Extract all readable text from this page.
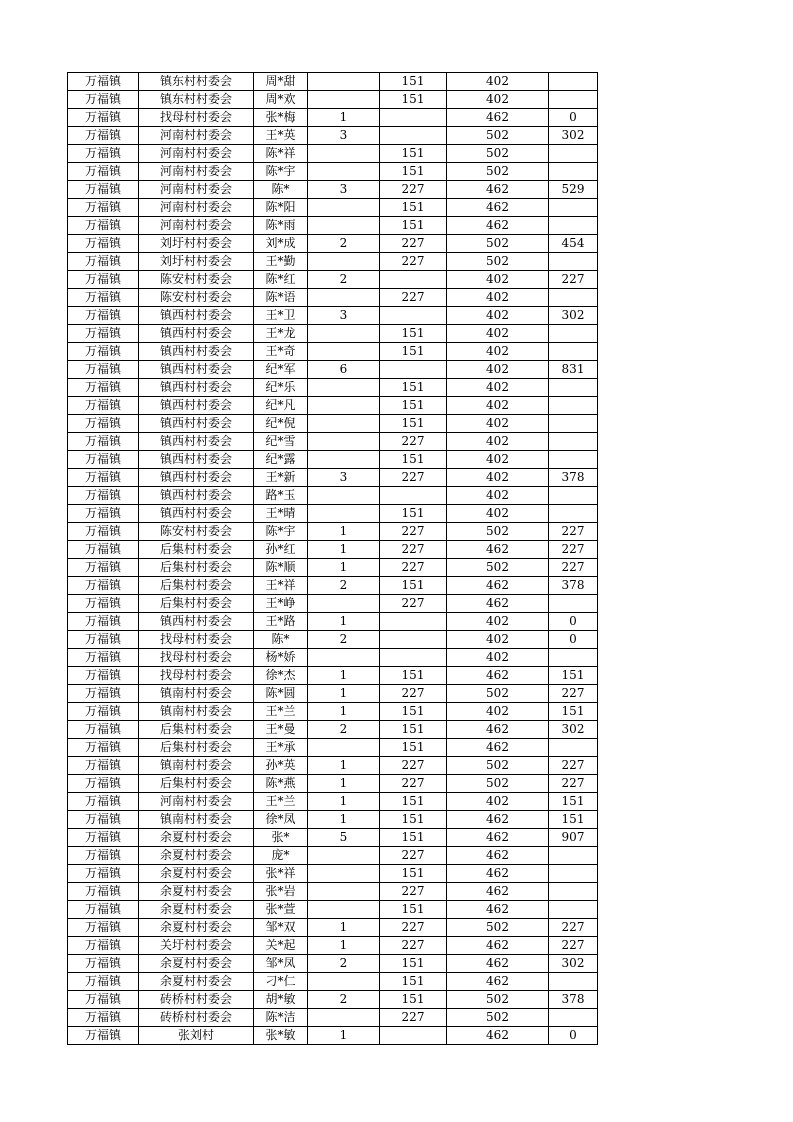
万福镇	镇东村村委会	周*甜		151	402	
万福镇	镇东村村委会	周*欢		151	402	
万福镇	找母村村委会	张*梅	1		462	0
万福镇	河南村村委会	王*英	3		502	302
万福镇	河南村村委会	陈*祥		151	502	
万福镇	河南村村委会	陈*宇		151	502	
万福镇	河南村村委会	陈*	3	227	462	529
万福镇	河南村村委会	陈*阳		151	462	
万福镇	河南村村委会	陈*雨		151	462	
万福镇	刘圩村村委会	刘*成	2	227	502	454
万福镇	刘圩村村委会	王*勤		227	502	
万福镇	陈安村村委会	陈*红	2		402	227
万福镇	陈安村村委会	陈*语		227	402	
万福镇	镇西村村委会	王*卫	3		402	302
万福镇	镇西村村委会	王*龙		151	402	
万福镇	镇西村村委会	王*奇		151	402	
万福镇	镇西村村委会	纪*军	6		402	831
万福镇	镇西村村委会	纪*乐		151	402	
万福镇	镇西村村委会	纪*凡		151	402	
万福镇	镇西村村委会	纪*倪		151	402	
万福镇	镇西村村委会	纪*雪		227	402	
万福镇	镇西村村委会	纪*露		151	402	
万福镇	镇西村村委会	王*新	3	227	402	378
万福镇	镇西村村委会	路*玉			402	
万福镇	镇西村村委会	王*晴		151	402	
万福镇	陈安村村委会	陈*宇	1	227	502	227
万福镇	后集村村委会	孙*红	1	227	462	227
万福镇	后集村村委会	陈*顺	1	227	502	227
万福镇	后集村村委会	王*祥	2	151	462	378
万福镇	后集村村委会	王*峥		227	462	
万福镇	镇西村村委会	王*路	1		402	0
万福镇	找母村村委会	陈*	2		402	0
万福镇	找母村村委会	杨*娇			402	
万福镇	找母村村委会	徐*杰	1	151	462	151
万福镇	镇南村村委会	陈*圆	1	227	502	227
万福镇	镇南村村委会	王*兰	1	151	402	151
万福镇	后集村村委会	王*曼	2	151	462	302
万福镇	后集村村委会	王*承		151	462	
万福镇	镇南村村委会	孙*英	1	227	502	227
万福镇	后集村村委会	陈*燕	1	227	502	227
万福镇	河南村村委会	王*兰	1	151	402	151
万福镇	镇南村村委会	徐*凤	1	151	462	151
万福镇	余夏村村委会	张*	5	151	462	907
万福镇	余夏村村委会	庞*		227	462	
万福镇	余夏村村委会	张*祥		151	462	
万福镇	余夏村村委会	张*岩		227	462	
万福镇	余夏村村委会	张*萱		151	462	
万福镇	余夏村村委会	邹*双	1	227	502	227
万福镇	关圩村村委会	关*起	1	227	462	227
万福镇	余夏村村委会	邹*凤	2	151	462	302
万福镇	余夏村村委会	刁*仁		151	462	
万福镇	砖桥村村委会	胡*敏	2	151	502	378
万福镇	砖桥村村委会	陈*洁		227	502	
万福镇	张刘村	张*敏	1		462	0
